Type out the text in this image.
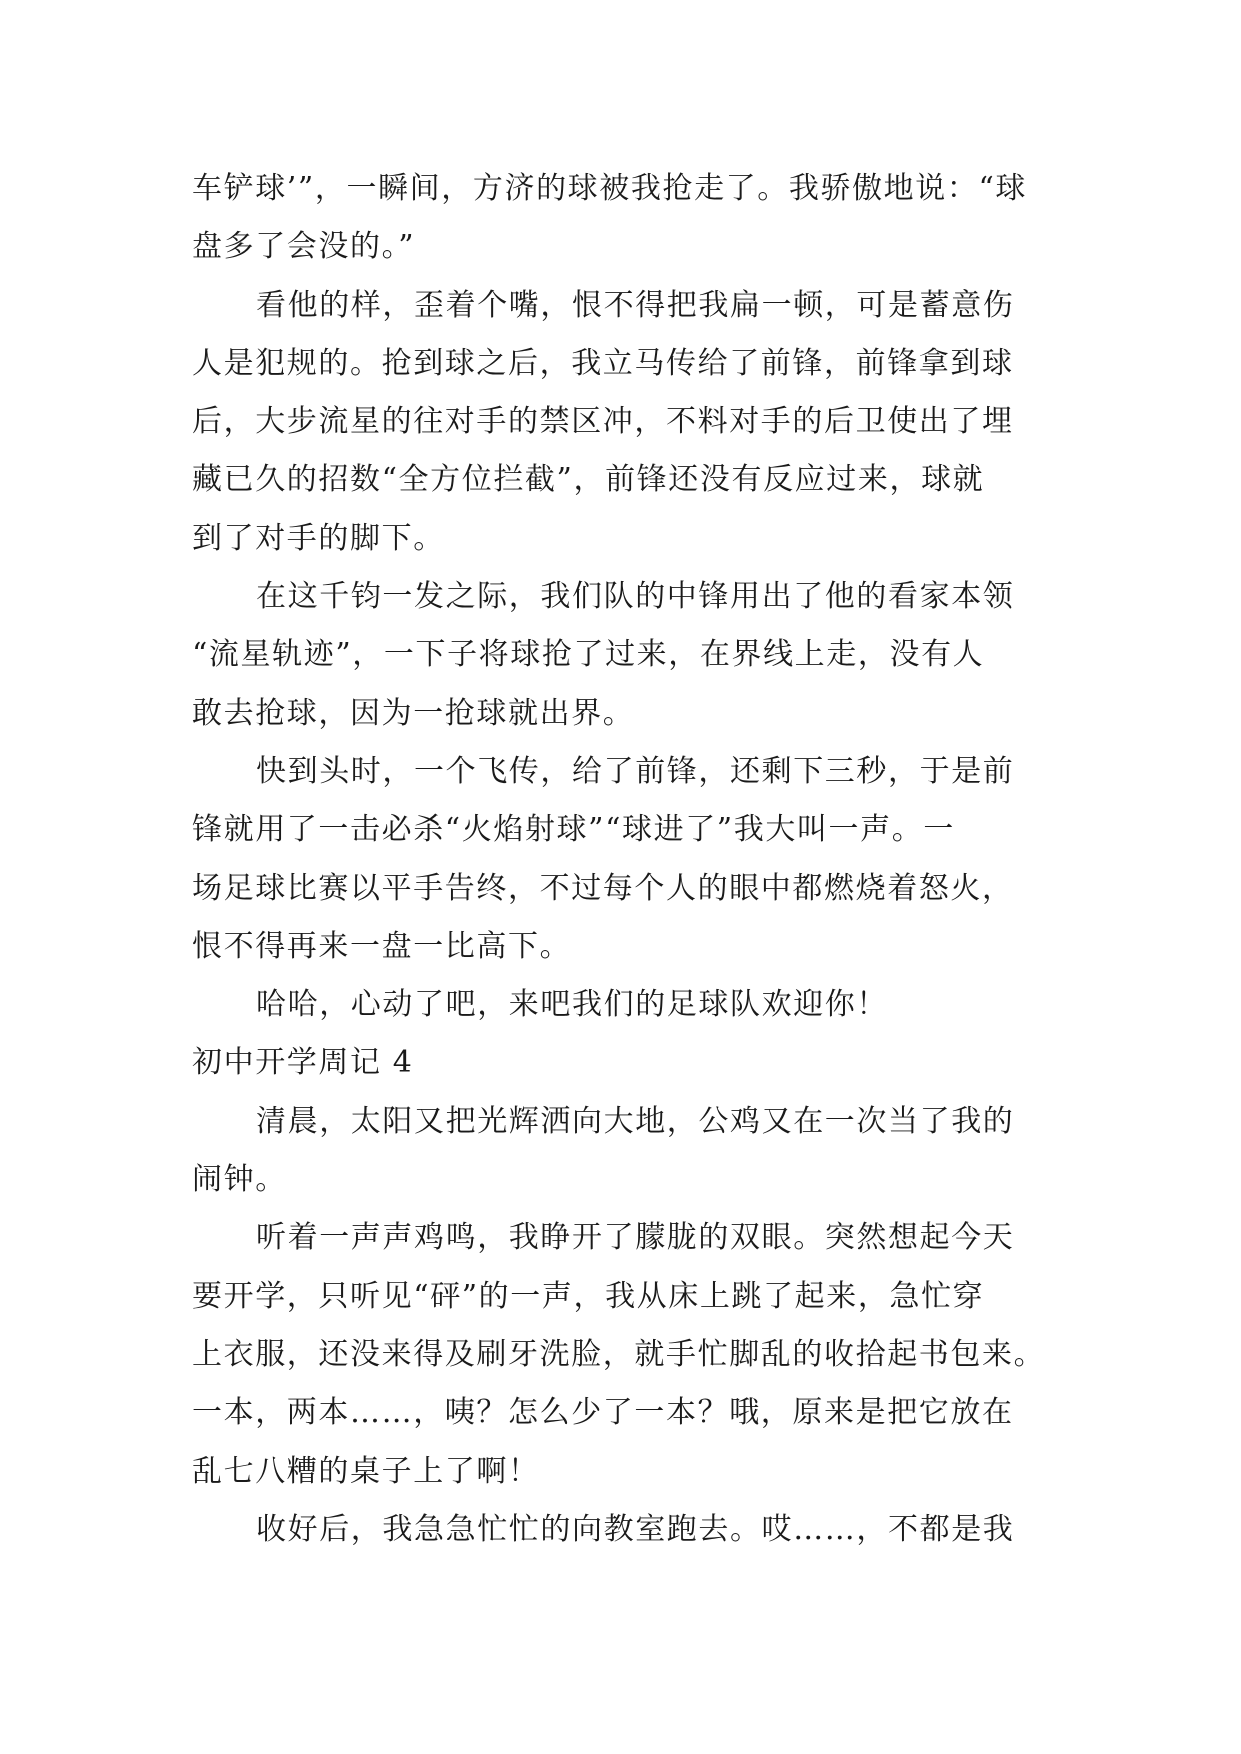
车铲球’”，一瞬间，方济的球被我抢走了。我骄傲地说：“球
盘多了会没的。”
看他的样，歪着个嘴，恨不得把我扁一顿，可是蓄意伤
人是犯规的。抢到球之后，我立马传给了前锋，前锋拿到球
后，大步流星的往对手的禁区冲，不料对手的后卫使出了埋
藏已久的招数“全方位拦截”，前锋还没有反应过来，球就
到了对手的脚下。
在这千钧一发之际，我们队的中锋用出了他的看家本领
“流星轨迹”，一下子将球抢了过来，在界线上走，没有人
敢去抢球，因为一抢球就出界。
快到头时，一个飞传，给了前锋，还剩下三秒，于是前
锋就用了一击必杀“火焰射球”“球进了”我大叫一声。一
场足球比赛以平手告终，不过每个人的眼中都燃烧着怒火，
恨不得再来一盘一比高下。
哈哈，心动了吧，来吧我们的足球队欢迎你！
初中开学周记 4
清晨，太阳又把光辉洒向大地，公鸡又在一次当了我的
闹钟。
听着一声声鸡鸣，我睁开了朦胧的双眼。突然想起今天
要开学，只听见“砰”的一声，我从床上跳了起来，急忙穿
上衣服，还没来得及刷牙洗脸，就手忙脚乱的收拾起书包来。
一本，两本……，咦？怎么少了一本？哦，原来是把它放在
乱七八糟的桌子上了啊！
收好后，我急急忙忙的向教室跑去。哎……，不都是我
